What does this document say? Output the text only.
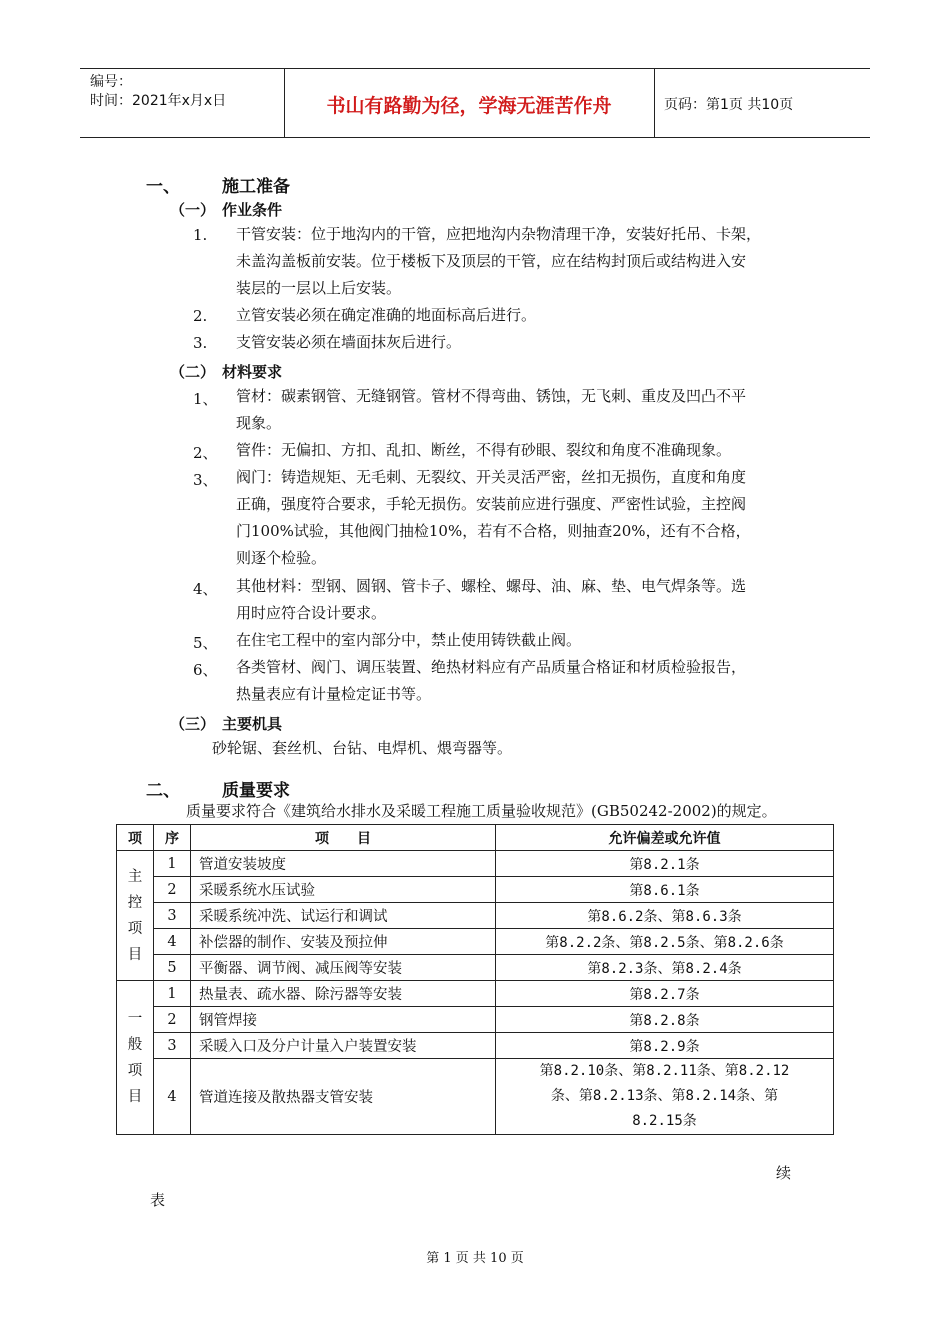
编号：
时间：2021年x月x日	书山有路勤为径，学海无涯苦作舟	页码：第1页 共10页
一、 施工准备
（一） 作业条件
1. 干管安装：位于地沟内的干管，应把地沟内杂物清理干净，安装好托吊、卡架，
未盖沟盖板前安装。位于楼板下及顶层的干管，应在结构封顶后或结构进入安
装层的一层以上后安装。
2. 立管安装必须在确定准确的地面标高后进行。
3. 支管安装必须在墙面抹灰后进行。
（二） 材料要求
1、 管材：碳素钢管、无缝钢管。管材不得弯曲、锈蚀，无飞刺、重皮及凹凸不平
现象。
2、 管件：无偏扣、方扣、乱扣、断丝，不得有砂眼、裂纹和角度不准确现象。
3、 阀门：铸造规矩、无毛刺、无裂纹、开关灵活严密，丝扣无损伤，直度和角度
正确，强度符合要求，手轮无损伤。安装前应进行强度、严密性试验，主控阀
门100%试验，其他阀门抽检10%，若有不合格，则抽查20%，还有不合格，
则逐个检验。
4、 其他材料：型钢、圆钢、管卡子、螺栓、螺母、油、麻、垫、电气焊条等。选
用时应符合设计要求。
5、 在住宅工程中的室内部分中，禁止使用铸铁截止阀。
6、 各类管材、阀门、调压装置、绝热材料应有产品质量合格证和材质检验报告，
热量表应有计量检定证书等。
（三） 主要机具
砂轮锯、套丝机、台钻、电焊机、煨弯器等。
二、 质量要求
质量要求符合《建筑给水排水及采暖工程施工质量验收规范》(GB50242-2002)的规定。
项	序	项　　目	允许偏差或允许值

主控项目	1	管道安装坡度	第8.2.1条
	2	采暖系统水压试验	第8.6.1条
	3	采暖系统冲洗、试运行和调试	第8.6.2条、第8.6.3条
	4	补偿器的制作、安装及预拉伸	第8.2.2条、第8.2.5条、第8.2.6条
	5	平衡器、调节阀、减压阀等安装	第8.2.3条、第8.2.4条

一般项目	1	热量表、疏水器、除污器等安装	第8.2.7条
	2	钢管焊接	第8.2.8条
	3	采暖入口及分户计量入户装置安装	第8.2.9条
	4	管道连接及散热器支管安装	第8.2.10条、第8.2.11条、第8.2.12
条、第8.2.13条、第8.2.14条、第
8.2.15条
续
表
第 1 页 共 10 页
